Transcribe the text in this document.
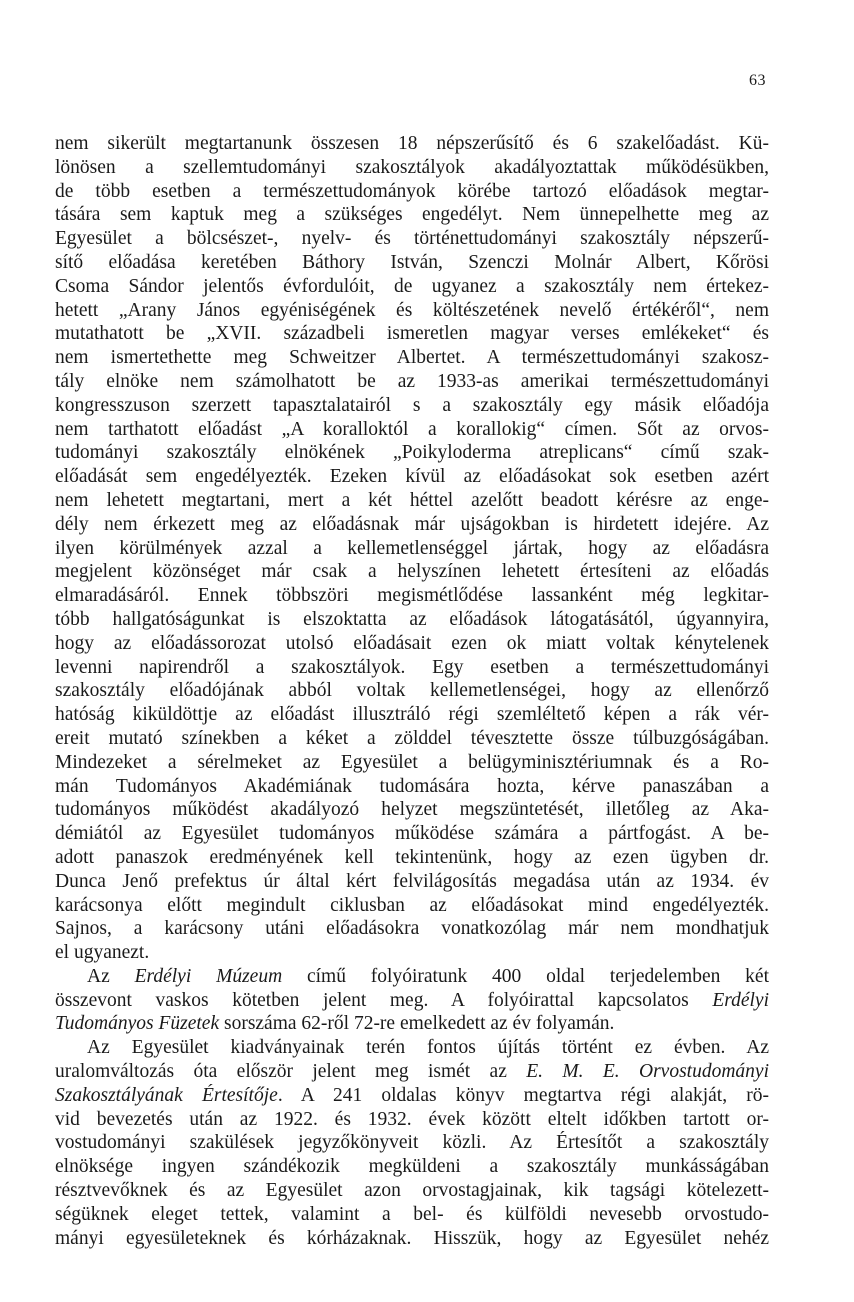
63
nem sikerült megtartanunk összesen 18 népszerűsítő és 6 szakelőadást. Kü-
lönösen a szellemtudományi szakosztályok akadályoztattak működésükben,
de több esetben a természettudományok körébe tartozó előadások megtar-
tására sem kaptuk meg a szükséges engedélyt. Nem ünnepelhette meg az
Egyesület a bölcsészet-, nyelv- és történettudományi szakosztály népszerű-
sítő előadása keretében Báthory István, Szenczi Molnár Albert, Kőrösi
Csoma Sándor jelentős évfordulóit, de ugyanez a szakosztály nem értekez-
hetett „Arany János egyéniségének és költészetének nevelő értékéről“, nem
mutathatott be „XVII. századbeli ismeretlen magyar verses emlékeket“ és
nem ismertethette meg Schweitzer Albertet. A természettudományi szakosz-
tály elnöke nem számolhatott be az 1933-as amerikai természettudományi
kongresszuson szerzett tapasztalatairól s a szakosztály egy másik előadója
nem tarthatott előadást „A koralloktól a korallokig“ címen. Sőt az orvos-
tudományi szakosztály elnökének „Poikyloderma atreplicans“ című szak-
előadását sem engedélyezték. Ezeken kívül az előadásokat sok esetben azért
nem lehetett megtartani, mert a két héttel azelőtt beadott kérésre az enge-
dély nem érkezett meg az előadásnak már ujságokban is hirdetett idejére. Az
ilyen körülmények azzal a kellemetlenséggel jártak, hogy az előadásra
megjelent közönséget már csak a helyszínen lehetett értesíteni az előadás
elmaradásáról. Ennek többszöri megismétlődése lassanként még legkitar-
tóbb hallgatóságunkat is elszoktatta az előadások látogatásától, úgyannyira,
hogy az előadássorozat utolsó előadásait ezen ok miatt voltak kénytelenek
levenni napirendről a szakosztályok. Egy esetben a természettudományi
szakosztály előadójának abból voltak kellemetlenségei, hogy az ellenőrző
hatóság kiküldöttje az előadást illusztráló régi szemléltető képen a rák vér-
ereit mutató színekben a kéket a zölddel tévesztette össze túlbuzgóságában.
Mindezeket a sérelmeket az Egyesület a belügyminisztériumnak és a Ro-
mán Tudományos Akadémiának tudomására hozta, kérve panaszában a
tudományos működést akadályozó helyzet megszüntetését, illetőleg az Aka-
démiától az Egyesület tudományos működése számára a pártfogást. A be-
adott panaszok eredményének kell tekintenünk, hogy az ezen ügyben dr.
Dunca Jenő prefektus úr által kért felvilágosítás megadása után az 1934. év
karácsonya előtt megindult ciklusban az előadásokat mind engedélyezték.
Sajnos, a karácsony utáni előadásokra vonatkozólag már nem mondhatjuk
el ugyanezt.
Az Erdélyi Múzeum című folyóiratunk 400 oldal terjedelemben két
összevont vaskos kötetben jelent meg. A folyóirattal kapcsolatos Erdélyi
Tudományos Füzetek sorszáma 62-ről 72-re emelkedett az év folyamán.
Az Egyesület kiadványainak terén fontos újítás történt ez évben. Az
uralomváltozás óta először jelent meg ismét az E. M. E. Orvostudományi
Szakosztályának Értesítője. A 241 oldalas könyv megtartva régi alakját, rö-
vid bevezetés után az 1922. és 1932. évek között eltelt időkben tartott or-
vostudományi szakülések jegyzőkönyveit közli. Az Értesítőt a szakosztály
elnöksége ingyen szándékozik megküldeni a szakosztály munkásságában
résztvevőknek és az Egyesület azon orvostagjainak, kik tagsági kötelezett-
ségüknek eleget tettek, valamint a bel- és külföldi nevesebb orvostudo-
mányi egyesületeknek és kórházaknak. Hisszük, hogy az Egyesület nehéz
